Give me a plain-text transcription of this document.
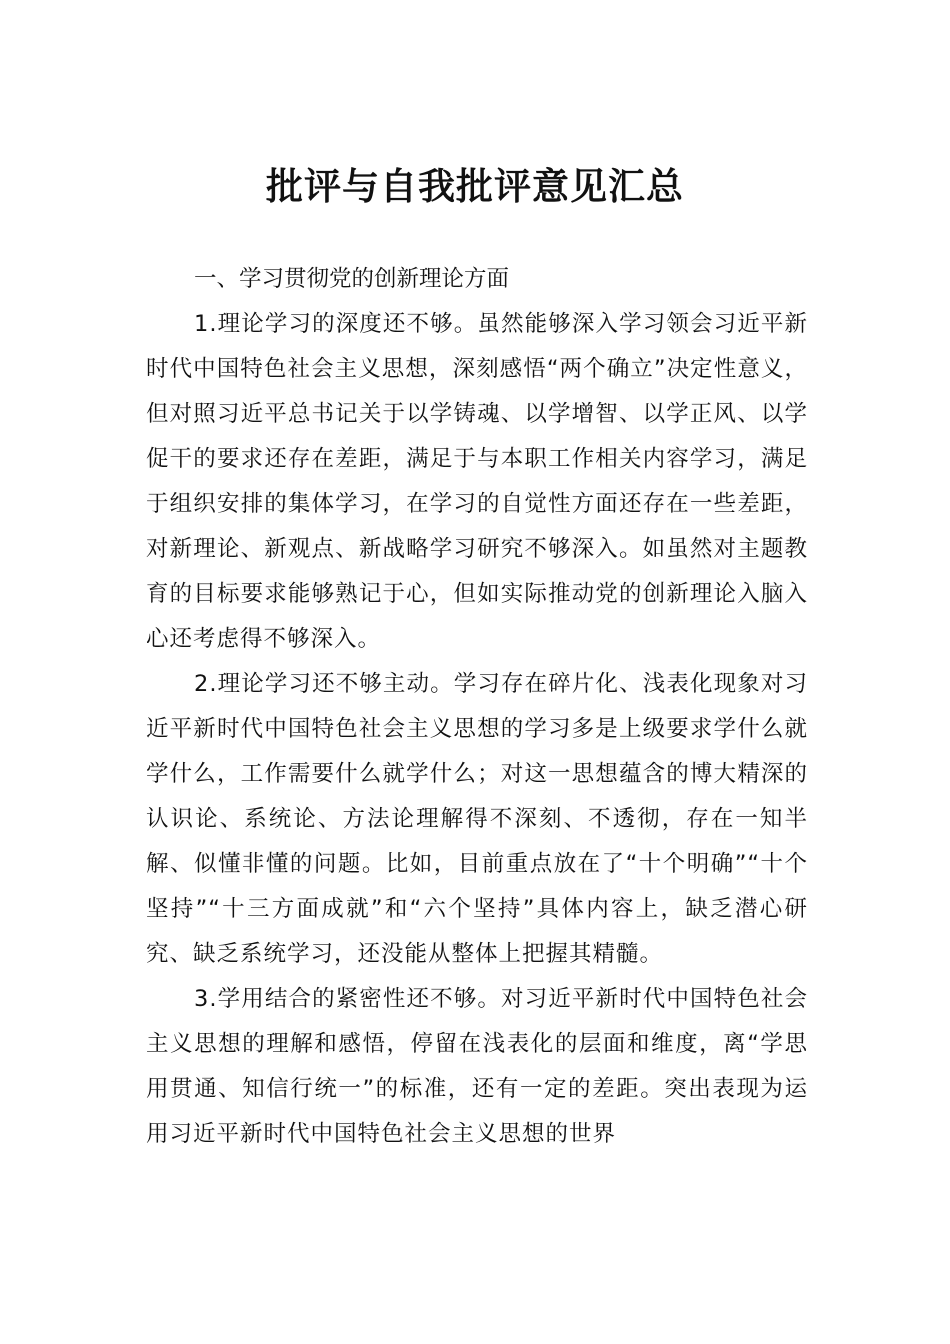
批评与自我批评意见汇总
一、学习贯彻党的创新理论方面

1.理论学习的深度还不够。虽然能够深入学习领会习近平新时代中国特色社会主义思想，深刻感悟“两个确立”决定性意义，但对照习近平总书记关于以学铸魂、以学增智、以学正风、以学促干的要求还存在差距，满足于与本职工作相关内容学习，满足于组织安排的集体学习，在学习的自觉性方面还存在一些差距，对新理论、新观点、新战略学习研究不够深入。如虽然对主题教育的目标要求能够熟记于心，但如实际推动党的创新理论入脑入心还考虑得不够深入。

2.理论学习还不够主动。学习存在碎片化、浅表化现象对习近平新时代中国特色社会主义思想的学习多是上级要求学什么就学什么，工作需要什么就学什么；对这一思想蕴含的博大精深的认识论、系统论、方法论理解得不深刻、不透彻，存在一知半解、似懂非懂的问题。比如，目前重点放在了“十个明确”“十个坚持”“十三方面成就”和“六个坚持”具体内容上，缺乏潜心研究、缺乏系统学习，还没能从整体上把握其精髓。

3.学用结合的紧密性还不够。对习近平新时代中国特色社会主义思想的理解和感悟，停留在浅表化的层面和维度，离“学思用贯通、知信行统一”的标准，还有一定的差距。突出表现为运用习近平新时代中国特色社会主义思想的世界
